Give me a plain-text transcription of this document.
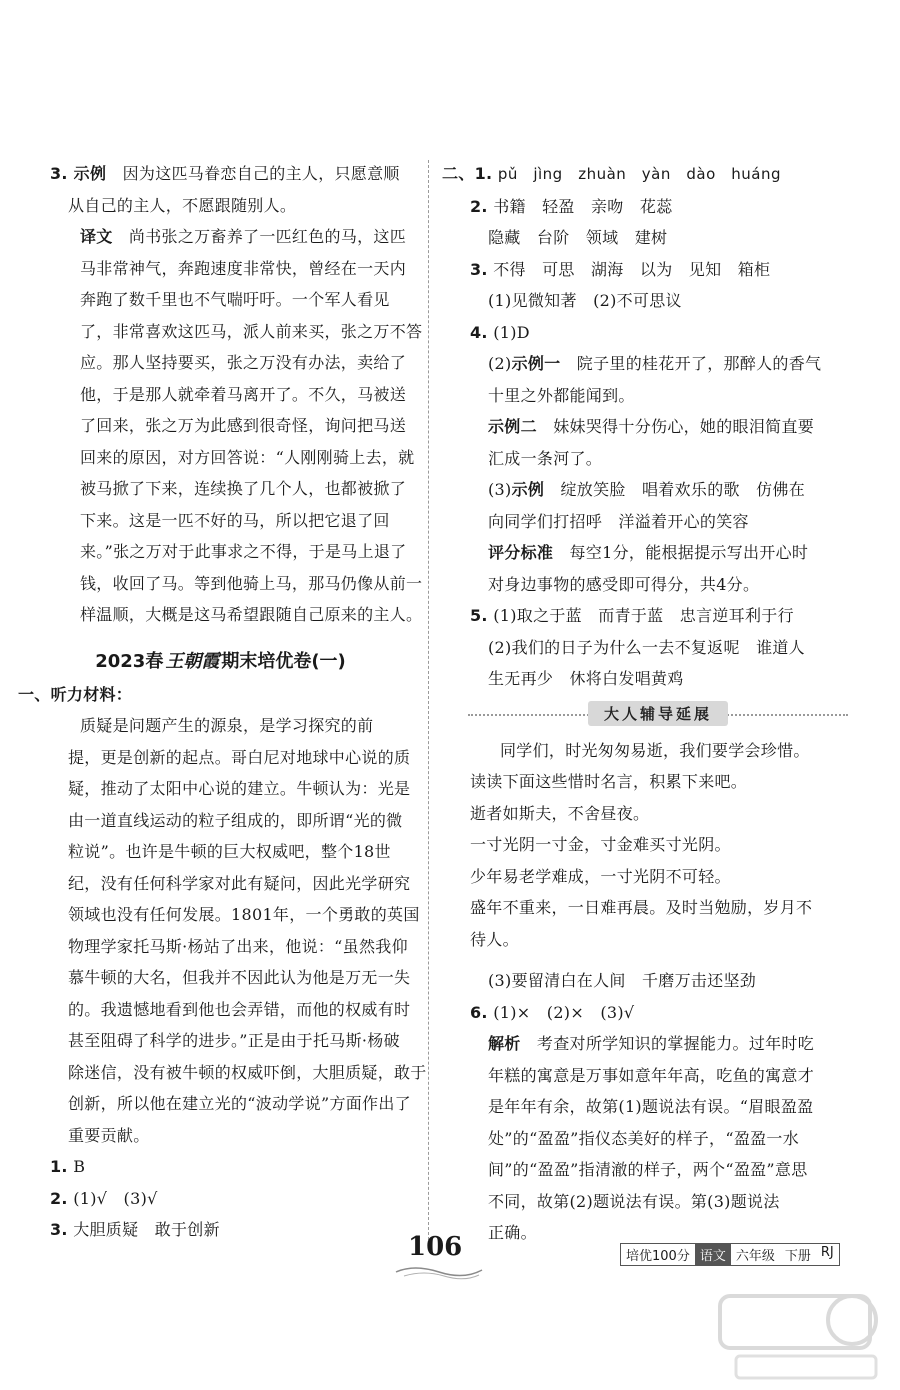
3. 示例　 因为这匹马眷恋自己的主人，只愿意顺
从自己的主人，不愿跟随别人。
译文　 尚书张之万畜养了一匹红色的马，这匹
马非常神气，奔跑速度非常快，曾经在一天内
奔跑了数千里也不气喘吁吁。一个军人看见
了，非常喜欢这匹马，派人前来买，张之万不答
应。那人坚持要买，张之万没有办法，卖给了
他，于是那人就牵着马离开了。不久，马被送
了回来，张之万为此感到很奇怪，询问把马送
回来的原因，对方回答说：“人刚刚骑上去，就
被马掀了下来，连续换了几个人，也都被掀了
下来。这是一匹不好的马，所以把它退了回
来。”张之万对于此事求之不得，于是马上退了
钱，收回了马。等到他骑上马，那马仍像从前一
样温顺，大概是这马希望跟随自己原来的主人。
2023春 王朝霞 期末培优卷(一)
一、听力材料：
质疑是问题产生的源泉，是学习探究的前
提，更是创新的起点。哥白尼对地球中心说的质
疑，推动了太阳中心说的建立。牛顿认为：光是
由一道直线运动的粒子组成的，即所谓“光的微
粒说”。也许是牛顿的巨大权威吧，整个18世
纪，没有任何科学家对此有疑问，因此光学研究
领域也没有任何发展。1801年，一个勇敢的英国
物理学家托马斯·杨站了出来，他说：“虽然我仰
慕牛顿的大名，但我并不因此认为他是万无一失
的。我遗憾地看到他也会弄错，而他的权威有时
甚至阻碍了科学的进步。”正是由于托马斯·杨破
除迷信，没有被牛顿的权威吓倒，大胆质疑，敢于
创新，所以他在建立光的“波动学说”方面作出了
重要贡献。
1. B
2. (1)√　(3)√
3. 大胆质疑　敢于创新
二、1. pǔ　jìng　zhuàn　yàn　dào　huáng
2. 书籍　轻盈　亲吻　花蕊
隐藏　台阶　领域　建树
3. 不得　可思　湖海　以为　见知　箱柜
(1)见微知著　(2)不可思议
4. (1)D
(2)示例一　 院子里的桂花开了，那醉人的香气
十里之外都能闻到。
示例二　 妹妹哭得十分伤心，她的眼泪简直要
汇成一条河了。
(3)示例　 绽放笑脸　唱着欢乐的歌　仿佛在
向同学们打招呼　洋溢着开心的笑容
评分标准　 每空1分，能根据提示写出开心时
对身边事物的感受即可得分，共4分。
5. (1)取之于蓝　而青于蓝　忠言逆耳利于行
(2)我们的日子为什么一去不复返呢　谁道人
生无再少　休将白发唱黄鸡
大人辅导延展
同学们，时光匆匆易逝，我们要学会珍惜。
读读下面这些惜时名言，积累下来吧。
逝者如斯夫，不舍昼夜。
一寸光阴一寸金，寸金难买寸光阴。
少年易老学难成，一寸光阴不可轻。
盛年不重来，一日难再晨。及时当勉励，岁月不
待人。
(3)要留清白在人间　千磨万击还坚劲
6. (1)×　(2)×　(3)√
解析　 考查对所学知识的掌握能力。过年时吃
年糕的寓意是万事如意年年高，吃鱼的寓意才
是年年有余，故第(1)题说法有误。“眉眼盈盈
处”的“盈盈”指仪态美好的样子，“盈盈一水
间”的“盈盈”指清澈的样子，两个“盈盈”意思
不同，故第(2)题说法有误。第(3)题说法
正确。
106	培优100分 语文 六年级 下册 RJ
